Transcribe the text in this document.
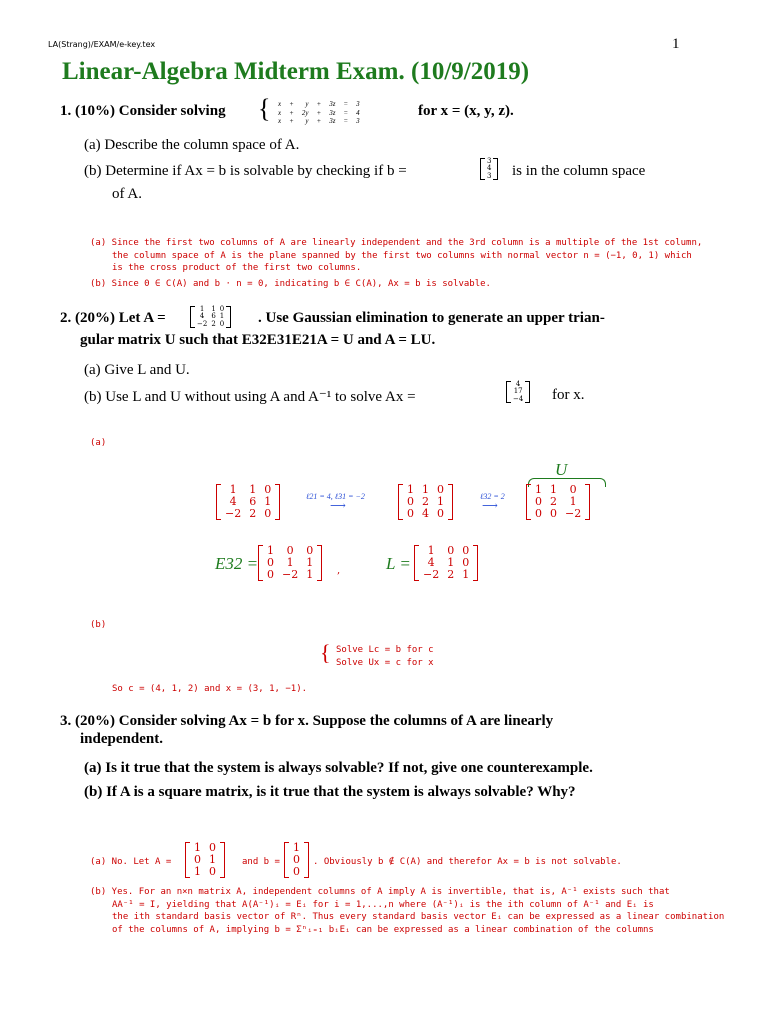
LA(Strang)/EXAM/e-key.tex	1
Linear-Algebra Midterm Exam. (10/9/2019)
1. (10%) Consider solving { x	+	y	+	3z	=	3
x	+	2y	+	3z	=	4
x	+	y	+	3z	=	3
for x = (x, y, z).
(a) Describe the column space of A.
(b) Determine if Ax = b is solvable by checking if b =
3
4
3 is in the column space
of A.
(a) Since the first two columns of A are linearly independent and the 3rd column is a multiple of the 1st column,
the column space of A is the plane spanned by the first two columns with normal vector n = (−1, 0, 1) which
is the cross product of the first two columns.
(b) Since 0 ∈ C(A) and b · n = 0, indicating b ∈ C(A), Ax = b is solvable.
2. (20%) Let A =
1	1	0
4	6	1
−2	2	0 . Use Gaussian elimination to generate an upper trian-
gular matrix U such that E32E31E21A = U and A = LU.
(a) Give L and U.
(b) Use L and U without using A and A⁻¹ to solve Ax =
4
17
−4 for x.
(a)
U
1	1	0
4	6	1
−2	2	0
ℓ21 = 4, ℓ31 = −2
⟶
1	1	0
0	2	1
0	4	0
ℓ32 = 2
⟶
1	1	0
0	2	1
0	0	−2
E32 =
1	0	0
0	1	1
0	−2	1 ,	L =
1	0	0
4	1	0
−2	2	1
(b)
{ Solve Lc = b for c
Solve Ux = c for x
So c = (4, 1, 2) and x = (3, 1, −1).
3. (20%) Consider solving Ax = b for x. Suppose the columns of A are linearly
independent.
(a) Is it true that the system is always solvable? If not, give one counterexample.
(b) If A is a square matrix, is it true that the system is always solvable? Why?
(a) No. Let A =
1	0
0	1
1	0
and b =
1
0
0
. Obviously b ∉ C(A) and therefor Ax = b is not solvable.
(b) Yes. For an n×n matrix A, independent columns of A imply A is invertible, that is, A⁻¹ exists such that
AA⁻¹ = I, yielding that A(A⁻¹)ᵢ = Eᵢ for i = 1,...,n where (A⁻¹)ᵢ is the ith column of A⁻¹ and Eᵢ is
the ith standard basis vector of Rⁿ. Thus every standard basis vector Eᵢ can be expressed as a linear combination
of the columns of A, implying b = Σⁿᵢ₌₁ bᵢEᵢ can be expressed as a linear combination of the columns
